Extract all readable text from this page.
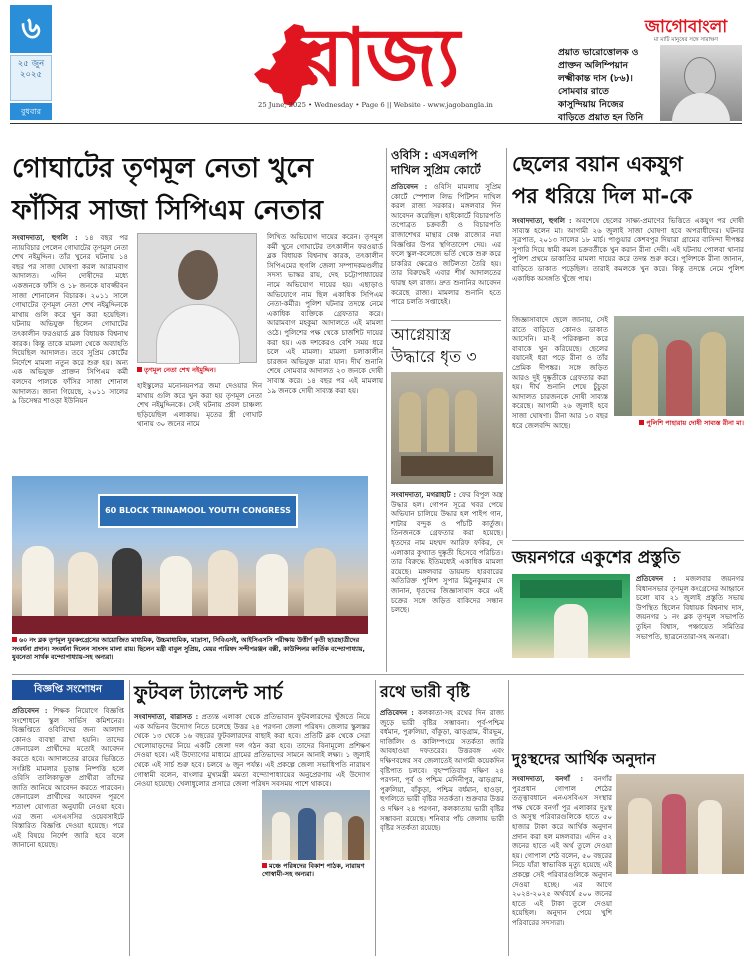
৬
২৫ জুন ২০২৫
বুধবার
রাজ্য
25 June, 2025 • Wednesday • Page 6 || Website - www.jagobangla.in
জাগোবাংলা
মা মাটি মানুষের সঙ্গে সারাক্ষণ
প্রয়াত ভারোত্তোলক ও
প্রাক্তন অলিম্পিয়ান
লক্ষ্মীকান্ত দাস (৮৬)।
সোমবার রাতে
কাসুন্দিয়ায় নিজের
বাড়িতে প্রয়াত হন তিনি
গোঘাটের তৃণমূল নেতা খুনে
ফাঁসির সাজা সিপিএম নেতার
সংবাদদাতা, হুগলি : ১৪ বছর পর ন্যায়বিচার পেলেন গোঘাটের তৃণমূল নেতা শেখ নইমুদ্দিন। তাঁর খুনের ঘটনায় ১৪ বছর পর সাজা ঘোষণা করল আরামবাগ আদালত। এদিন দোষীদের মধ্যে একজনকে ফাঁসি ও ১৮ জনকে যাবজ্জীবন সাজা শোনালেন বিচারক। ২০১১ সালে গোঘাটের তৃণমূল নেতা শেখ নইমুদ্দিনকে মাথায় গুলি করে খুন করা হয়েছিল। ঘটনায় অভিযুক্ত ছিলেন গোঘাটের তৎকালীন ফরওয়ার্ড ব্লক বিধায়ক বিশ্বনাথ কারক। কিন্তু তাকে মামলা থেকে অব্যাহতি দিয়েছিল আদালত। তবে সুপ্রিম কোর্টের নির্দেশে মামলা নতুন করে শুরু হয়। অন্য এক অভিযুক্ত প্রাক্তন সিপিএম কর্মী বলদেব পালকে ফাঁসির সাজা শোনাল আদালত। জানা গিয়েছে, ২০১১ সালের ৯ ডিসেম্বর শাওড়া ইউনিয়ন
তৃণমূল নেতা শেখ নইমুদ্দিন।
হাইস্কুলের মনোনয়নপত্র জমা দেওয়ার দিন মাথায় গুলি করে খুন করা হয় তৃণমূল নেতা শেখ নইমুদ্দিনকে। সেই ঘটনায় প্রবল চাঞ্চল্য ছড়িয়েছিল এলাকায়। মৃতের স্ত্রী গোঘাট থানায় ৩০ জনের নামে
লিখিত অভিযোগ দায়ের করেন। তৃণমূল কর্মী খুনে গোঘাটের তৎকালীন ফরওয়ার্ড ব্লক বিধায়ক বিশ্বনাথ কারক, তৎকালীন সিপিএমের হুগলি জেলা সম্পাদকমণ্ডলীর সদস্য ভাস্কর রায়, দেহ চট্টোপাধ্যায়ের নামে অভিযোগ দায়ের হয়। এছাড়াও অভিযোগে নাম ছিল একাধিক সিপিএম নেতা-কর্মীর। পুলিশ ঘটনার তদন্তে নেমে একাধিক ব্যক্তিকে গ্রেফতার করে। আরামবাগ মহকুমা আদালতে এই মামলা ওঠে। পুলিশের পক্ষ থেকে চার্জশিট দায়ের করা হয়। এক দশকেরও বেশি সময় ধরে চলে এই মামলা। মামলা চলাকালীন চারজন অভিযুক্ত মারা যান। দীর্ঘ শুনানি শেষে সোমবার আদালত ২৩ জনকে দোষী সাব্যস্ত করে। ১৪ বছর পর এই মামলায় ১৯ জনকে দোষী সাব্যস্ত করা হয়।
60 BLOCK TRINAMOOL YOUTH CONGRESS
৬০ নং ব্লক তৃণমূল যুবকংগ্রেসের আয়োজিত মাধ্যমিক, উচ্চমাধ্যমিক, মাদ্রাসা, সিবিএসই, আইসিএসসি পরীক্ষায় উত্তীর্ণ কৃতী ছাত্রছাত্রীদের সংবর্ধনা প্রদান। সংবর্ধনা দিলেন সাংসদ মালা রায়। ছিলেন মন্ত্রী বাবুল সুপ্রিয়, মেয়র পারিষদ সন্দীপরঞ্জন বক্সী, কাউন্সিলর কার্তিক বন্দ্যোপাধ্যায়, যুবনেতা সার্থক বন্দ্যোপাধ্যায়-সহ অন্যরা।
ওবিসি : এসএলপি
দাখিল সুপ্রিম কোর্টে
প্রতিবেদন : ওবিসি মামলায় সুপ্রিম কোর্টে স্পেশাল লিভ পিটিশন দাখিল করল রাজ্য সরকার। মঙ্গলবার দিন আবেদন করেছিল। হাইকোর্টে বিচারপতি তপোব্রত চক্রবর্তী ও বিচারপতি রাজাশেখর মান্থার বেঞ্চ রাজ্যের নয়া বিজ্ঞপ্তির উপর স্থগিতাদেশ দেয়। এর ফলে স্কুল-কলেজে ভর্তি থেকে শুরু করে চাকরির ক্ষেত্রেও জটিলতা তৈরি হয়। তার বিরুদ্ধেই এবার শীর্ষ আদালতের দ্বারস্থ হল রাজ্য। দ্রুত শুনানির আবেদন করেছে রাজ্য। মামলার শুনানি হতে পারে চলতি সপ্তাহেই।
আগ্নেয়াস্ত্র
উদ্ধারে ধৃত ৩
সংবাদদাতা, মগরাহাট : ফের বিপুল অস্ত্র উদ্ধার হল। গোপন সূত্রে খবর পেয়ে অভিযান চালিয়ে উদ্ধার হল পাইপ গান, শাটার বন্দুক ও পাঁচটি কার্তুজ। তিনজনকে গ্রেফতার করা হয়েছে। ধৃতদের নাম মহম্মদ আরিফ ফকির, দে এলাকার কুখ্যাত দুষ্কৃতী হিসেবে পরিচিত। তার বিরুদ্ধে ইতিমধ্যেই একাধিক মামলা রয়েছে। মঙ্গলবার ডায়মন্ড হারবারের অতিরিক্ত পুলিশ সুপার মিঠুনকুমার দে জানান, ধৃতদের জিজ্ঞাসাবাদ করে এই চক্রের সঙ্গে জড়িত বাকিদের সন্ধান চলছে।
ছেলের বয়ান একযুগ
পর ধরিয়ে দিল মা-কে
সংবাদদাতা, হুগলি : অবশেষে ছেলের সাক্ষ্য-প্রমাণের ভিত্তিতে একযুগ পর দোষী সাব্যস্ত হলেন মা। আগামী ২৬ জুলাই সাজা ঘোষণা হবে অপরাধীদের। ঘটনার সূত্রপাত, ২০১৩ সালের ১৮ মার্চ। পাণ্ডুয়ার কেশবপুর দিয়ারা গ্রামের বাসিন্দা দীপঙ্কর সুপারি দিয়ে স্বামী কমল চক্রবর্তীকে খুন করান রীনা দেবী। এই ঘটনায় পোলবা থানার পুলিশ প্রথমে ডাকাতির মামলা দায়ের করে তদন্ত শুরু করে। পুলিশকে রীনা জানান, বাড়িতে ডাকাত পড়েছিল। তারাই কমলকে খুন করে। কিন্তু তদন্তে নেমে পুলিশ একাধিক অসঙ্গতি খুঁজে পায়।
পুলিশি পাহারায় দোষী সাব্যস্ত রীনা মা।
জিজ্ঞাসাবাদে ছেলে জানায়, সেই রাতে বাড়িতে কোনও ডাকাত আসেনি। মা-ই পরিকল্পনা করে বাবাকে খুন করিয়েছে। ছেলের বয়ানেই ধরা পড়ে রীনা ও তাঁর প্রেমিক দীপঙ্কর। সঙ্গে জড়িত আরও দুই দুষ্কৃতীকে গ্রেফতার করা হয়। দীর্ঘ শুনানি শেষে চুঁচুড়া আদালত চারজনকে দোষী সাব্যস্ত করেছে। আগামী ২৬ জুলাই হবে সাজা ঘোষণা। রীনা আর ১৩ বছর ধরে জেলবন্দি আছে।
জয়নগরে একুশের প্রস্তুতি
প্রতিবেদন : মজলবার জয়নগর বিধানসভার তৃণমূল কংগ্রেসের আহ্বানে চলো যাব ২১ জুলাই প্রস্তুতি সভায় উপস্থিত ছিলেন বিধায়ক বিশ্বনাথ দাস, জয়নগর ১ নং ব্লক তৃণমূল সভাপতি তুহিন বিশ্বাস, পঞ্চায়েত সমিতির সভাপতি, ছাত্রনেতারা-সহ অন্যরা।
বিজ্ঞপ্তি সংশোধন
প্রতিবেদন : শিক্ষক নিয়োগে বিজ্ঞপ্তি সংশোধনে স্কুল সার্ভিস কমিশনের। বিজ্ঞপ্তিতে ওবিসিদের জন্য আলাদা কোনও ব্যবস্থা রাখা হয়নি। তাদের জেনারেল প্রার্থীদের মতোই আবেদন করতে হবে। আদালতের রায়ের ভিত্তিতে সংশ্লিষ্ট মামলার চূড়ান্ত নিষ্পত্তি হলে ওবিসি তালিকাভুক্ত প্রার্থীরা তাঁদের জাতি জানিয়ে আবেদন করতে পারবেন। জেনারেল প্রার্থীদের আবেদন পূরণে শতাংশ যোগ্যতা অনুযায়ী নেওয়া হবে। এর জন্য এসএসসির ওয়েবসাইটে বিস্তারিত বিজ্ঞপ্তি দেওয়া হয়েছে। পরে এই বিষয়ে নির্দেশ জারি হবে বলে জানানো হয়েছে।
ফুটবল ট্যালেন্ট সার্চ
সংবাদদাতা, বারাসত : প্রত্যন্ত এলাকা থেকে প্রতিভাবান ফুটবলারদের খুঁজতে নিয়ে এক অভিনব উদ্যোগ নিতে চলেছে উত্তর ২৪ পরগনা জেলা পরিষদ। জেলার স্কুলস্তর থেকে ১৩ থেকে ১৬ বছরের ফুটবলারদের বাছাই করা হবে। প্রতিটি ব্লক থেকে সেরা খেলোয়াড়দের নিয়ে একটি জেলা দল গঠন করা হবে। তাদের বিনামূল্যে প্রশিক্ষণ দেওয়া হবে। এই উদ্যোগের মাধ্যমে গ্রামের প্রতিভাদের সামনে আনাই লক্ষ্য। ১ জুলাই থেকে এই সার্চ শুরু হবে। চলবে ৬ জুন পর্যন্ত। এই প্রকল্পে জেলা সভাধিপতি নারায়ণ গোস্বামী বলেন, বাংলার মুখ্যমন্ত্রী মমতা বন্দ্যোপাধ্যায়ের অনুপ্রেরণায় এই উদ্যোগ নেওয়া হয়েছে। খেলাধুলোর প্রসারে জেলা পরিষদ সবসময় পাশে থাকবে।
মঞ্চে পরিষদের বিকাশ পাঠক, নারায়ণ গোস্বামী-সহ অন্যরা।
রথে ভারী বৃষ্টি
প্রতিবেদন : কলকাতা-সহ রথের দিন রাজ্য জুড়ে ভারী বৃষ্টির সম্ভাবনা। পূর্ব-পশ্চিম বর্ধমান, পুরুলিয়া, বাঁকুড়া, ঝাড়গ্রাম, বীরভূম, দার্জিলিং ও কালিম্পংয়ে সতর্কতা জারি আবহাওয়া দফতরের। উত্তরবঙ্গ এবং দক্ষিণবঙ্গের সব জেলাতেই আগামী কয়েকদিন বৃষ্টিপাত চলবে। বৃহস্পতিবার দক্ষিণ ২৪ পরগনা, পূর্ব ও পশ্চিম মেদিনীপুর, ঝাড়গ্রাম, পুরুলিয়া, বাঁকুড়া, পশ্চিম বর্ধমান, হাওড়া, হুগলিতে ভারী বৃষ্টির সতর্কতা। শুক্রবার উত্তর ও দক্ষিণ ২৪ পরগনা, কলকাতায় ভারী বৃষ্টির সম্ভাবনা রয়েছে। শনিবার পাঁচ জেলায় ভারী বৃষ্টির সতর্কতা রয়েছে।
দুঃস্থদের আর্থিক অনুদান
সংবাদদাতা, বনগাঁ : বনগাঁর পুরপ্রধান গোপাল শেঠের তত্ত্বাবধানে এনএসবিএস সংস্থার পক্ষ থেকে বনগাঁ পুর এলাকার দুঃস্থ ও অসুস্থ পরিবারগুলিকে হাতে ৫০ হাজার টাকা করে আর্থিক অনুদান প্রদান করা হল মঙ্গলবার। এদিন ৫২ জনের হাতে এই অর্থ তুলে দেওয়া হয়। গোপাল শেঠ বলেন, ৫০ বছরের নিচে যাঁরা স্বাভাবিক মৃত্যু হয়েছে এই প্রকল্পে সেই পরিবারগুলিকে অনুদান দেওয়া হচ্ছে। এর আগে ২০২৪-২০২৫ অর্থবর্ষে ৫০০ জনের হাতে এই টাকা তুলে দেওয়া হয়েছিল। অনুদান পেয়ে খুশি পরিবারের সদস্যরা।
